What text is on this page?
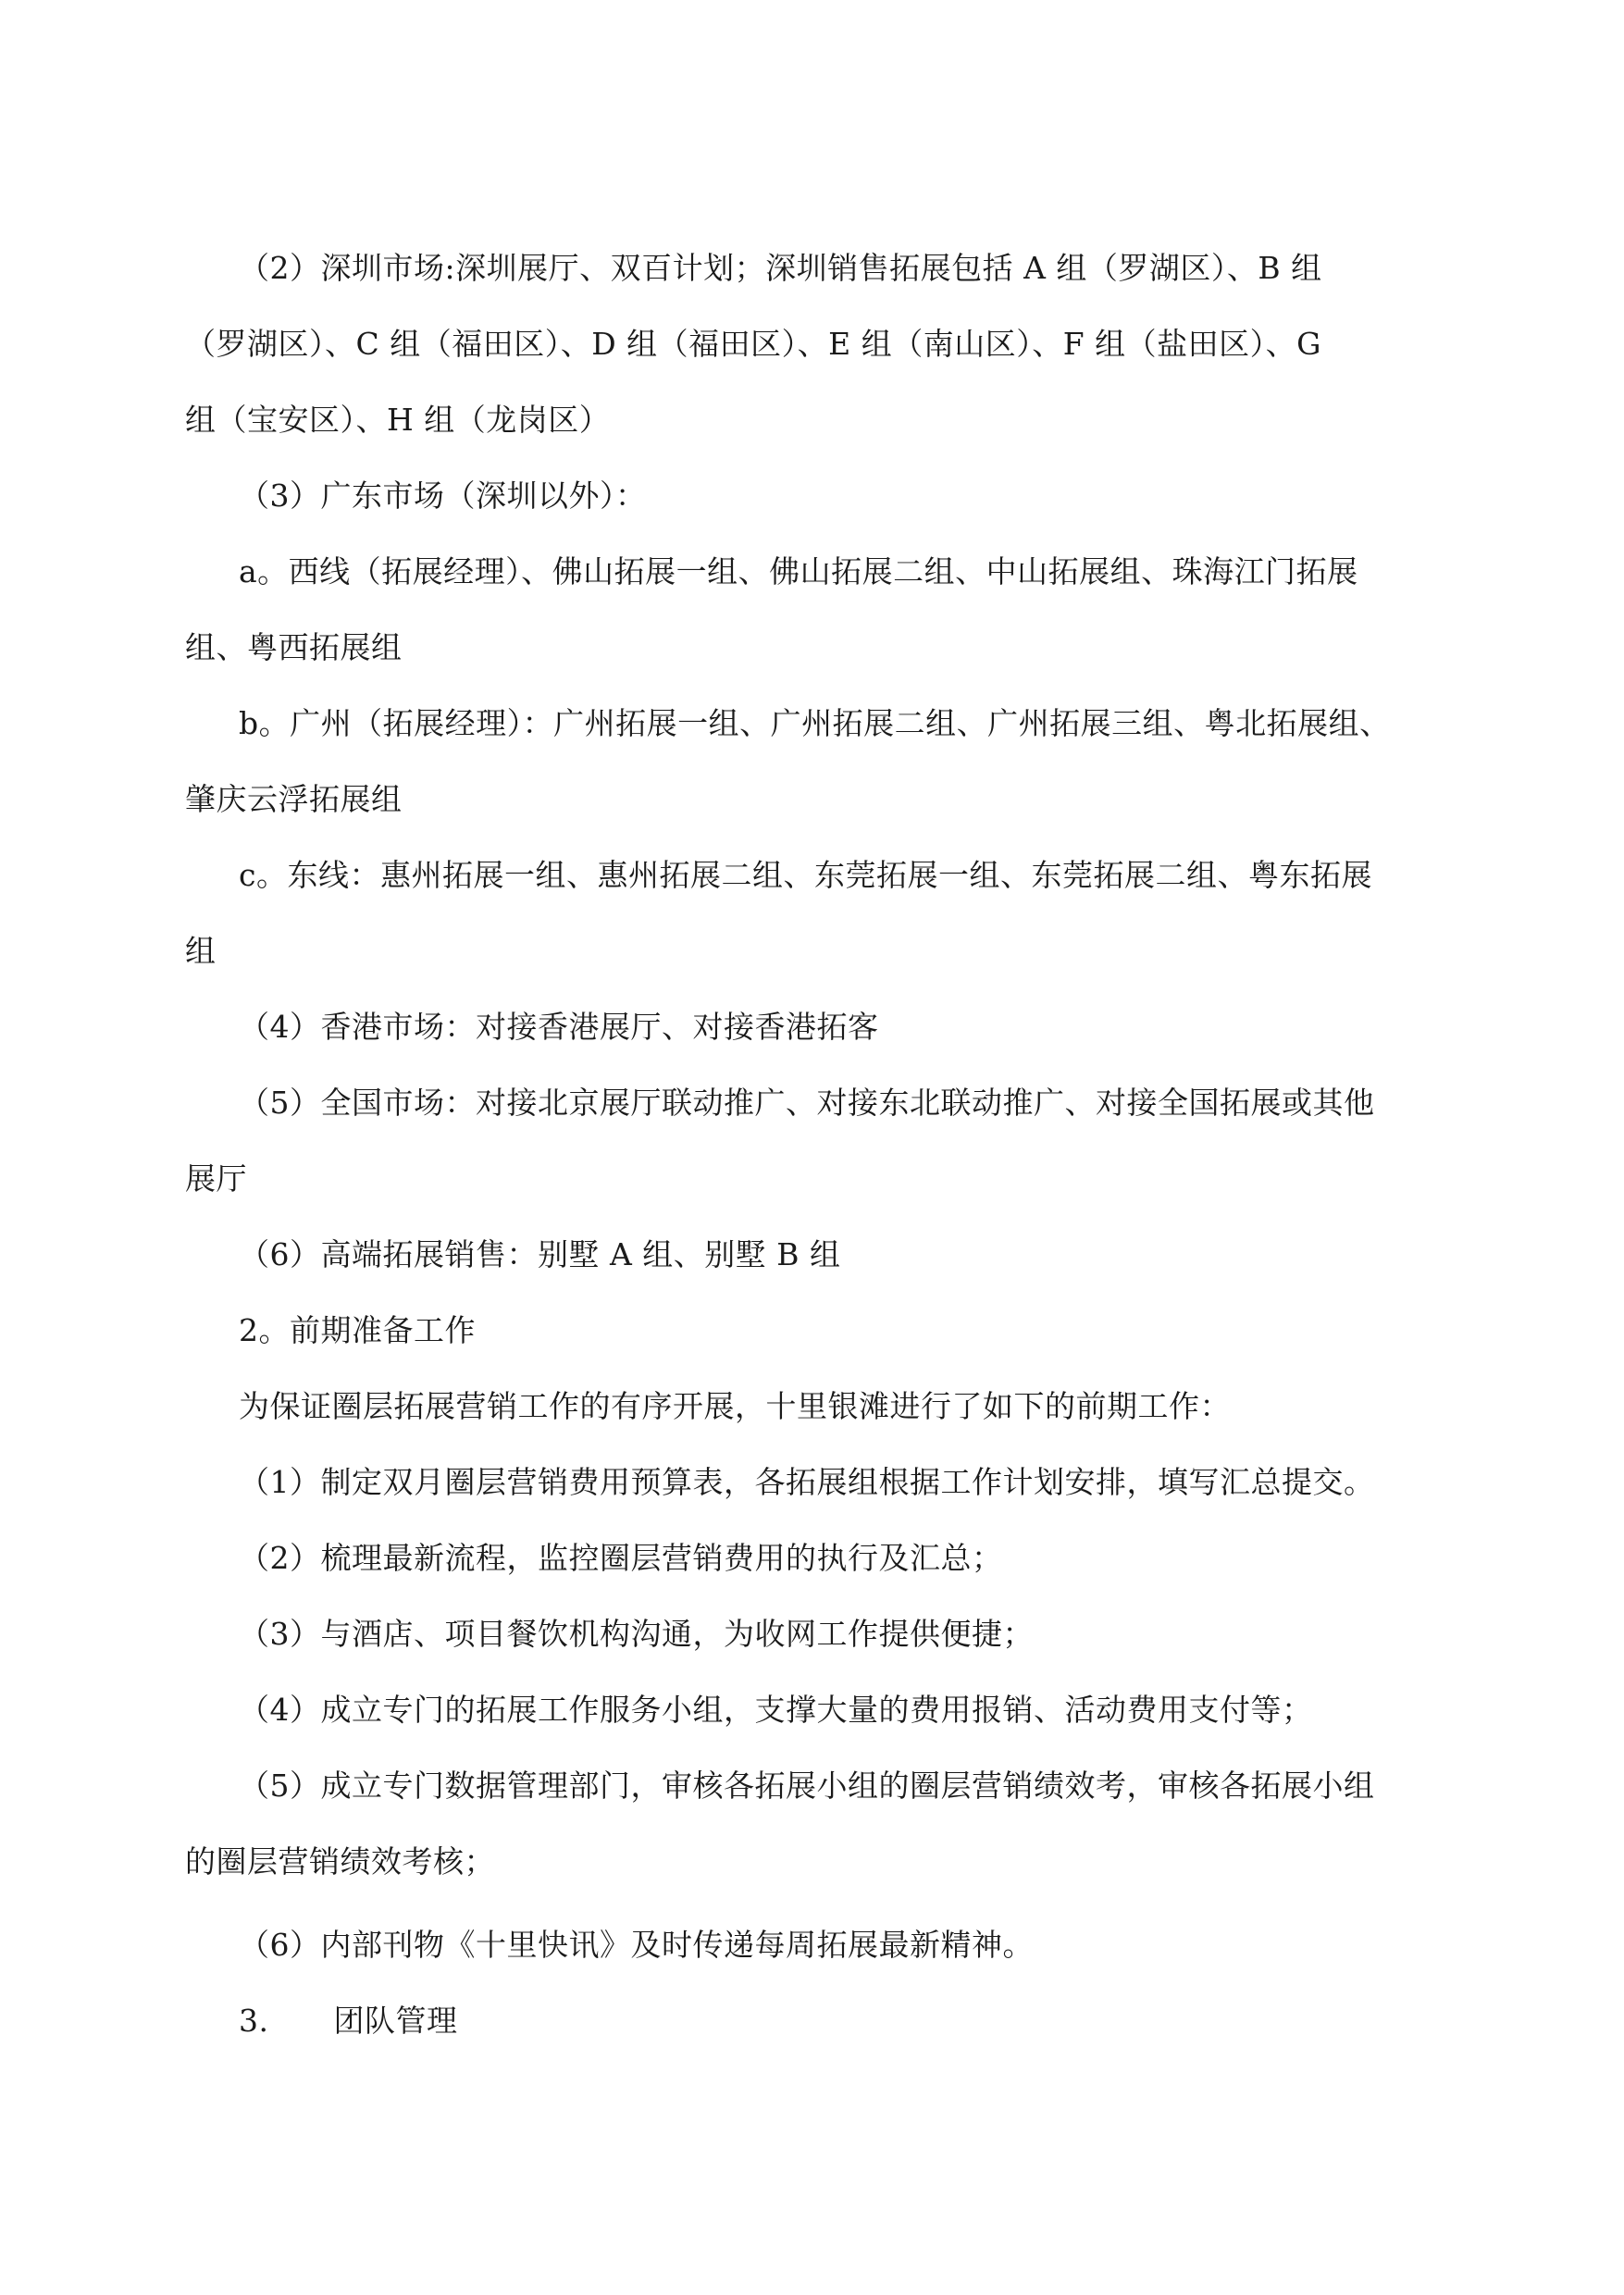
（2）深圳市场:深圳展厅、双百计划；深圳销售拓展包括 A 组（罗湖区）、B 组
（罗湖区）、C 组（福田区）、D 组（福田区）、E 组（南山区）、F 组（盐田区）、G
组（宝安区）、H 组（龙岗区）
（3）广东市场（深圳以外）：
a。西线（拓展经理）、佛山拓展一组、佛山拓展二组、中山拓展组、珠海江门拓展
组、粤西拓展组
b。广州（拓展经理）：广州拓展一组、广州拓展二组、广州拓展三组、粤北拓展组、
肇庆云浮拓展组
c。东线：惠州拓展一组、惠州拓展二组、东莞拓展一组、东莞拓展二组、粤东拓展
组
（4）香港市场：对接香港展厅、对接香港拓客
（5）全国市场：对接北京展厅联动推广、对接东北联动推广、对接全国拓展或其他
展厅
（6）高端拓展销售：别墅 A 组、别墅 B 组
2。前期准备工作
为保证圈层拓展营销工作的有序开展，十里银滩进行了如下的前期工作：
（1）制定双月圈层营销费用预算表，各拓展组根据工作计划安排，填写汇总提交。
（2）梳理最新流程，监控圈层营销费用的执行及汇总；
（3）与酒店、项目餐饮机构沟通，为收网工作提供便捷；
（4）成立专门的拓展工作服务小组，支撑大量的费用报销、活动费用支付等；
（5）成立专门数据管理部门，审核各拓展小组的圈层营销绩效考，审核各拓展小组
的圈层营销绩效考核；
（6）内部刊物《十里快讯》及时传递每周拓展最新精神。
3. 团队管理
